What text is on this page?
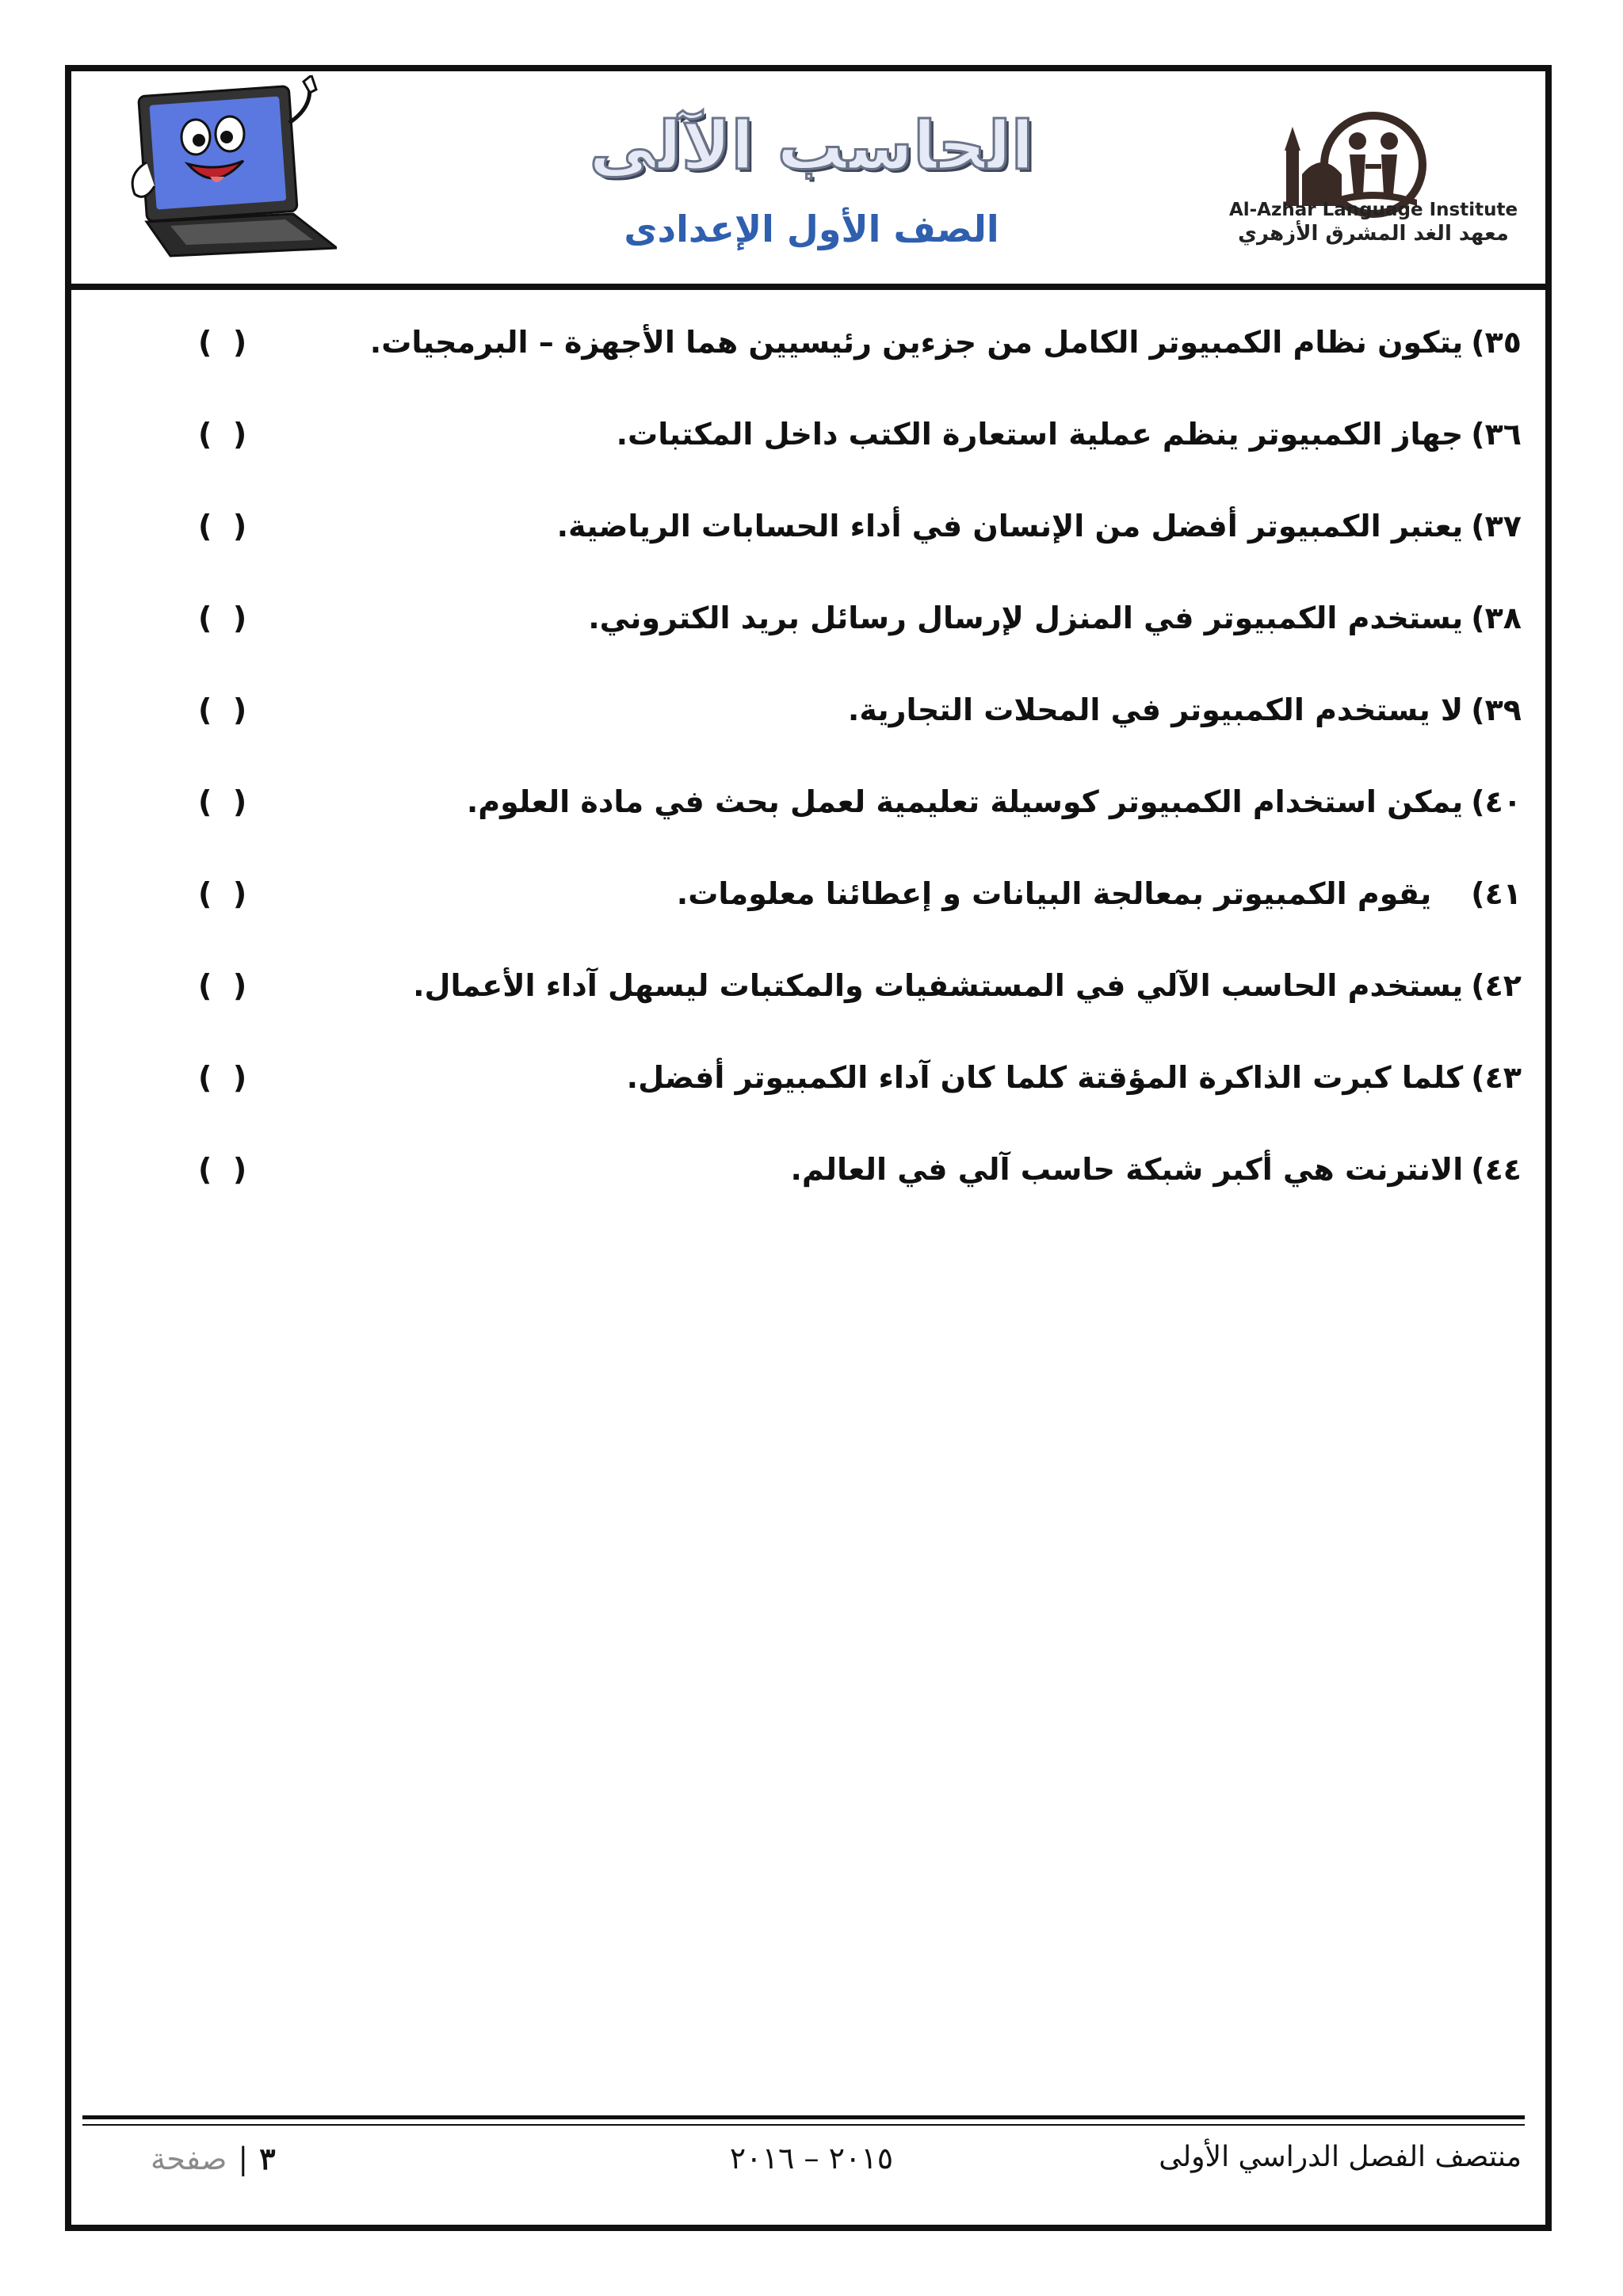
Al-Azhar Language Institute
معهد الغد المشرق الأزهري
الحاسب الآلى
الصف الأول الإعدادى
٣٥)يتكون نظام الكمبيوتر الكامل من جزءين رئيسيين هما الأجهزة – البرمجيات.
(  )
٣٦)جهاز الكمبيوتر ينظم عملية استعارة الكتب داخل المكتبات.
(  )
٣٧)يعتبر الكمبيوتر أفضل من الإنسان في أداء الحسابات الرياضية.
(  )
٣٨)يستخدم الكمبيوتر في المنزل لإرسال رسائل بريد الكتروني.
(  )
٣٩)لا يستخدم الكمبيوتر في المحلات التجارية.
(  )
٤٠)يمكن استخدام الكمبيوتر كوسيلة تعليمية لعمل بحث في مادة العلوم.
(  )
٤١)يقوم الكمبيوتر بمعالجة البيانات و إعطائنا معلومات.
(  )
٤٢)يستخدم الحاسب الآلي في المستشفيات والمكتبات ليسهل آداء الأعمال.
(  )
٤٣)كلما كبرت الذاكرة المؤقتة كلما كان آداء الكمبيوتر أفضل.
(  )
٤٤)الانترنت هي أكبر شبكة حاسب آلي في العالم.
(  )
منتصف الفصل الدراسي الأولى
٢٠١٥ – ٢٠١٦
٣|صفحة
